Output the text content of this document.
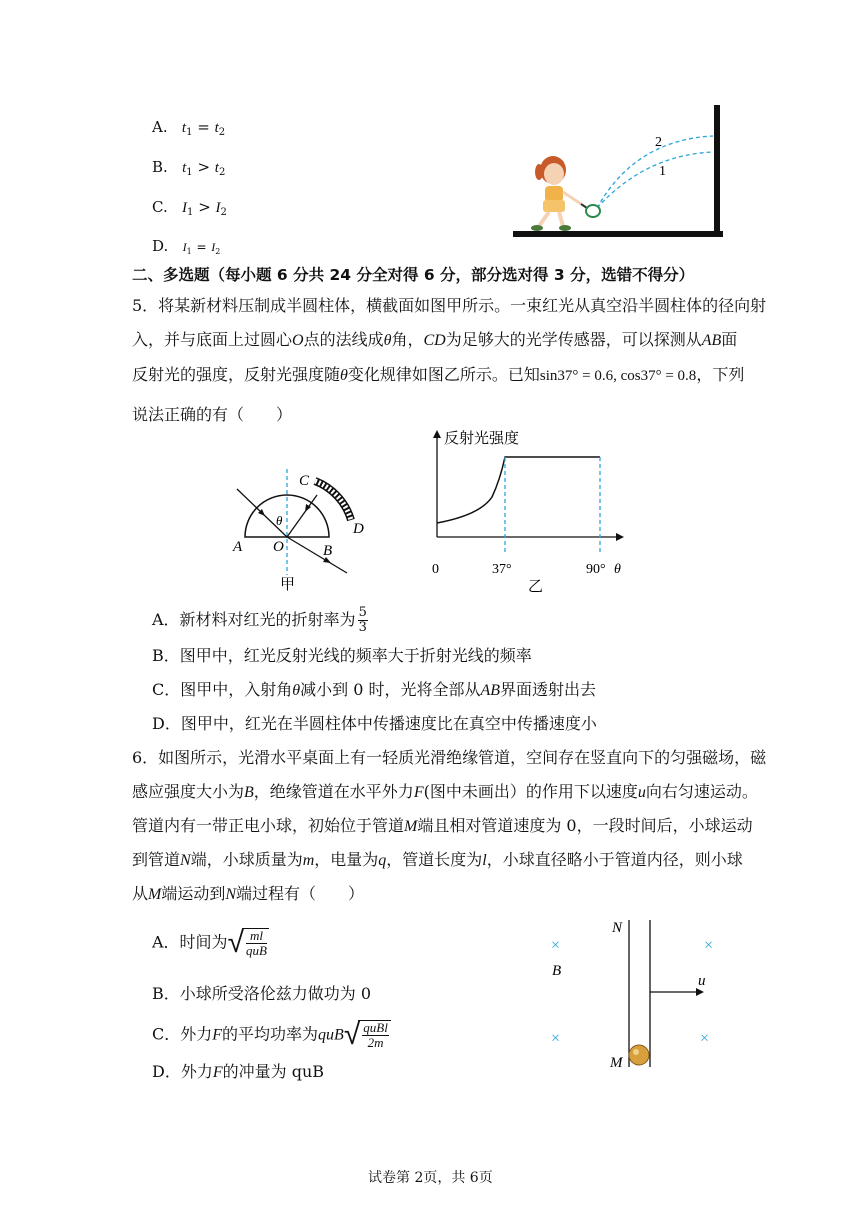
A. $t_1 = t_2$
B. $t_1 > t_2$
C. $I_1 > I_2$
D. $I_1 = I_2$
2
1
二、多选题（每小题 6 分共 24 分全对得 6 分，部分选对得 3 分，选错不得分）
5．将某新材料压制成半圆柱体，横截面如图甲所示。一束红光从真空沿半圆柱体的径向射
入，并与底面上过圆心O点的法线成θ角，CD为足够大的光学传感器，可以探测从AB面
反射光的强度，反射光强度随θ变化规律如图乙所示。已知sin37° = 0.6, cos37° = 0.8，下列
说法正确的有（　　）
C
D
A O	B
θ
甲
反射光强度
0	37°	90° θ
乙
A．新材料对红光的折射率为 $\frac{5}{3}$
B．图甲中，红光反射光线的频率大于折射光线的频率
C．图甲中，入射角θ减小到 0 时，光将全部从AB界面透射出去
D．图甲中，红光在半圆柱体中传播速度比在真空中传播速度小
6．如图所示，光滑水平桌面上有一轻质光滑绝缘管道，空间存在竖直向下的匀强磁场，磁
感应强度大小为B，绝缘管道在水平外力F(图中未画出）的作用下以速度u向右匀速运动。
管道内有一带正电小球，初始位于管道M端且相对管道速度为 0，一段时间后，小球运动
到管道N端，小球质量为m，电量为q，管道长度为l，小球直径略小于管道内径，则小球
从M端运动到N端过程有（　　）
A．时间为√ $\frac{ml}{\text{quB}}$
B．小球所受洛伦兹力做功为 0
C．外力F的平均功率为$quB√ \frac{\text{quBl}}{2m}$
D．外力F的冲量为 quB
×	×
×	×
B
N
M
u
试卷第 2页，共 6页
